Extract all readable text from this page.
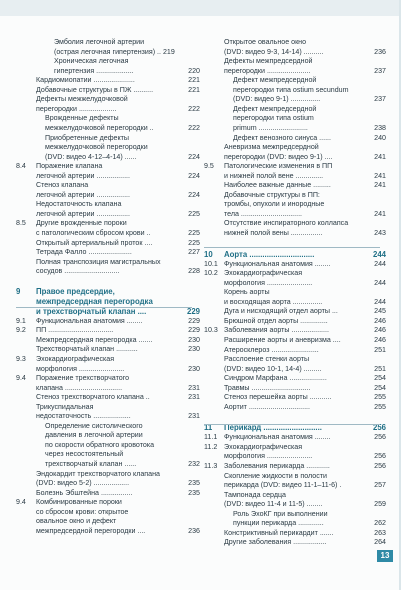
Эмболия легочной артерии
(острая легочная гипертензия) .. 219
Хроническая легочная
гипертензия ...................	220
Кардиомиопатии .....................	221
Добавочные структуры в ПЖ ..........	221
Дефекты межжелудочковой
перегородки ...................	222
Врожденные дефекты
межжелудочковой перегородки ..	222
Приобретенные дефекты
межжелудочковой перегородки
(DVD: видео 4-12–4-14) ......	224
8.4	Поражение клапана
легочной артерии .................	224
Стеноз клапана
легочной артерии .................	224
Недостаточность клапана
легочной артерии .................	225
8.5	Другие врожденные пороки
с патологическим сбросом крови ..	225
Открытый артериальный проток ....	225
Тетрада Фалло ......................	227
Полная транспозиция магистральных
сосудов ............................	228
9	Правое предсердие,
межпредсердная перегородка
и трехстворчатый клапан ....	229
9.1	Функциональная анатомия ........	229
9.2	ПП .................................	229
Межпредсердная перегородка .......	230
Трехстворчатый клапан ...........	230
9.3	Эхокардиографическая
морфология .......................	230
9.4	Поражение трехстворчатого
клапана .............................	231
Стеноз трехстворчатого клапана ..	231
Трикуспидальная
недостаточность ...................	231
Определение систолического
давления в легочной артерии
по скорости обратного кровотока
через несостоятельный
трехстворчатый клапан ......	232
Эндокардит трехстворчатого клапана
(DVD: видео 5-2) ..................	235
Болезнь Эбштейна ................	235
9.4	Комбинированные пороки
со сбросом крови: открытое
овальное окно и дефект
межпредсердной перегородки ....	236
Открытое овальное окно
(DVD: видео 9-3, 14-14) ..........	236
Дефекты межпредсердной
перегородки ......................	237
Дефект межпредсердной
перегородки типа ostium secundum
(DVD: видео 9-1) ...............	237
Дефект межпредсердной
перегородки типа ostium
primum .........................	238
Дефект венозного синуса ......	240
Аневризма межпредсердной
перегородки (DVD: видео 9-1) ....	241
9.5	Патологические изменения в ПП
и нижней полой вене ..............	241
Наиболее важные данные .........	241
Добавочные структуры в ПП:
тромбы, опухоли и инородные
тела ...............................	241
Отсутствие инспираторного коллапса
нижней полой вены ................	243
10	Аорта ..............................	244
10.1 Функциональная анатомия ........	244
10.2 Эхокардиографическая
морфология .......................	244
Корень аорты
и восходящая аорта ...............	244
Дуга и нисходящий отдел аорты ...	245
Брюшной отдел аорты ..............	246
10.3 Заболевания аорты ...................	246
Расширение аорты и аневризма ....	246
Атеросклероз ........................	251
Расслоение стенки аорты
(DVD: видео 10-1, 14-4) .........	251
Синдром Марфана ...................	254
Травмы ..............................	254
Стеноз перешейка аорты ...........	255
Аортит ...............................	255
11	Перикард ...........................	256
11.1 Функциональная анатомия ........	256
11.2 Эхокардиографическая
морфология .......................	256
11.3 Заболевания перикарда ............	256
Скопление жидкости в полости
перикарда (DVD: видео 11-1–11-6) .	257
Тампонада сердца
(DVD: видео 11-4 и 11-5) ........	259
Роль ЭхоКГ при выполнении
пункции перикарда .............	262
Констриктивный перикардит .......	263
Другие заболевания .................	264
13
